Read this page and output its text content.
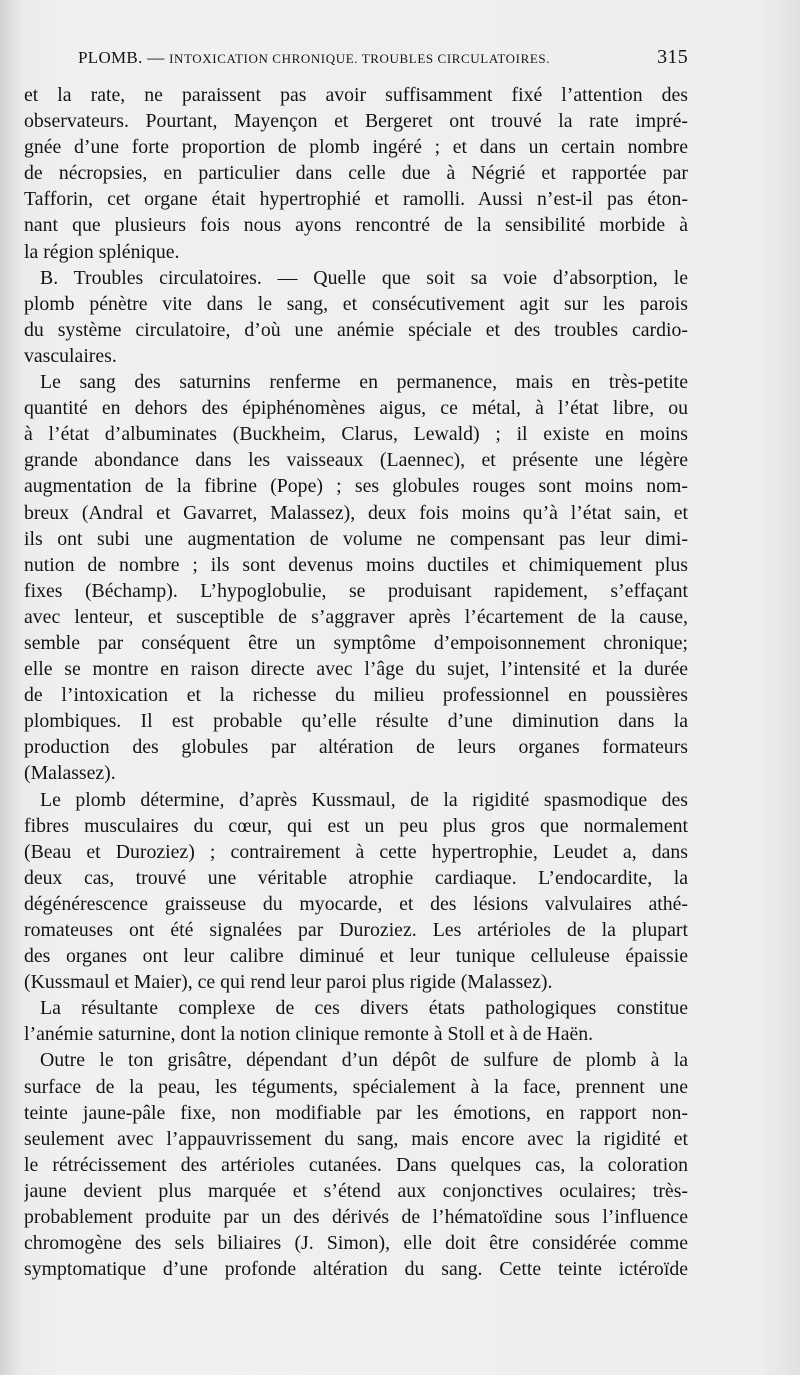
PLOMB. — INTOXICATION CHRONIQUE. TROUBLES CIRCULATOIRES.	315
et la rate, ne paraissent pas avoir suffisamment fixé l’attention des
observateurs. Pourtant, Mayençon et Bergeret ont trouvé la rate impré-
gnée d’une forte proportion de plomb ingéré ; et dans un certain nombre
de nécropsies, en particulier dans celle due à Négrié et rapportée par
Tafforin, cet organe était hypertrophié et ramolli. Aussi n’est-il pas éton-
nant que plusieurs fois nous ayons rencontré de la sensibilité morbide à
la région splénique.
B. Troubles circulatoires. — Quelle que soit sa voie d’absorption, le
plomb pénètre vite dans le sang, et consécutivement agit sur les parois
du système circulatoire, d’où une anémie spéciale et des troubles cardio-
vasculaires.
Le sang des saturnins renferme en permanence, mais en très-petite
quantité en dehors des épiphénomènes aigus, ce métal, à l’état libre, ou
à l’état d’albuminates (Buckheim, Clarus, Lewald) ; il existe en moins
grande abondance dans les vaisseaux (Laennec), et présente une légère
augmentation de la fibrine (Pope) ; ses globules rouges sont moins nom-
breux (Andral et Gavarret, Malassez), deux fois moins qu’à l’état sain, et
ils ont subi une augmentation de volume ne compensant pas leur dimi-
nution de nombre ; ils sont devenus moins ductiles et chimiquement plus
fixes (Béchamp). L’hypoglobulie, se produisant rapidement, s’effaçant
avec lenteur, et susceptible de s’aggraver après l’écartement de la cause,
semble par conséquent être un symptôme d’empoisonnement chronique;
elle se montre en raison directe avec l’âge du sujet, l’intensité et la durée
de l’intoxication et la richesse du milieu professionnel en poussières
plombiques. Il est probable qu’elle résulte d’une diminution dans la
production des globules par altération de leurs organes formateurs
(Malassez).
Le plomb détermine, d’après Kussmaul, de la rigidité spasmodique des
fibres musculaires du cœur, qui est un peu plus gros que normalement
(Beau et Duroziez) ; contrairement à cette hypertrophie, Leudet a, dans
deux cas, trouvé une véritable atrophie cardiaque. L’endocardite, la
dégénérescence graisseuse du myocarde, et des lésions valvulaires athé-
romateuses ont été signalées par Duroziez. Les artérioles de la plupart
des organes ont leur calibre diminué et leur tunique celluleuse épaissie
(Kussmaul et Maier), ce qui rend leur paroi plus rigide (Malassez).
La résultante complexe de ces divers états pathologiques constitue
l’anémie saturnine, dont la notion clinique remonte à Stoll et à de Haën.
Outre le ton grisâtre, dépendant d’un dépôt de sulfure de plomb à la
surface de la peau, les téguments, spécialement à la face, prennent une
teinte jaune-pâle fixe, non modifiable par les émotions, en rapport non-
seulement avec l’appauvrissement du sang, mais encore avec la rigidité et
le rétrécissement des artérioles cutanées. Dans quelques cas, la coloration
jaune devient plus marquée et s’étend aux conjonctives oculaires; très-
probablement produite par un des dérivés de l’hématoïdine sous l’influence
chromogène des sels biliaires (J. Simon), elle doit être considérée comme
symptomatique d’une profonde altération du sang. Cette teinte ictéroïde
